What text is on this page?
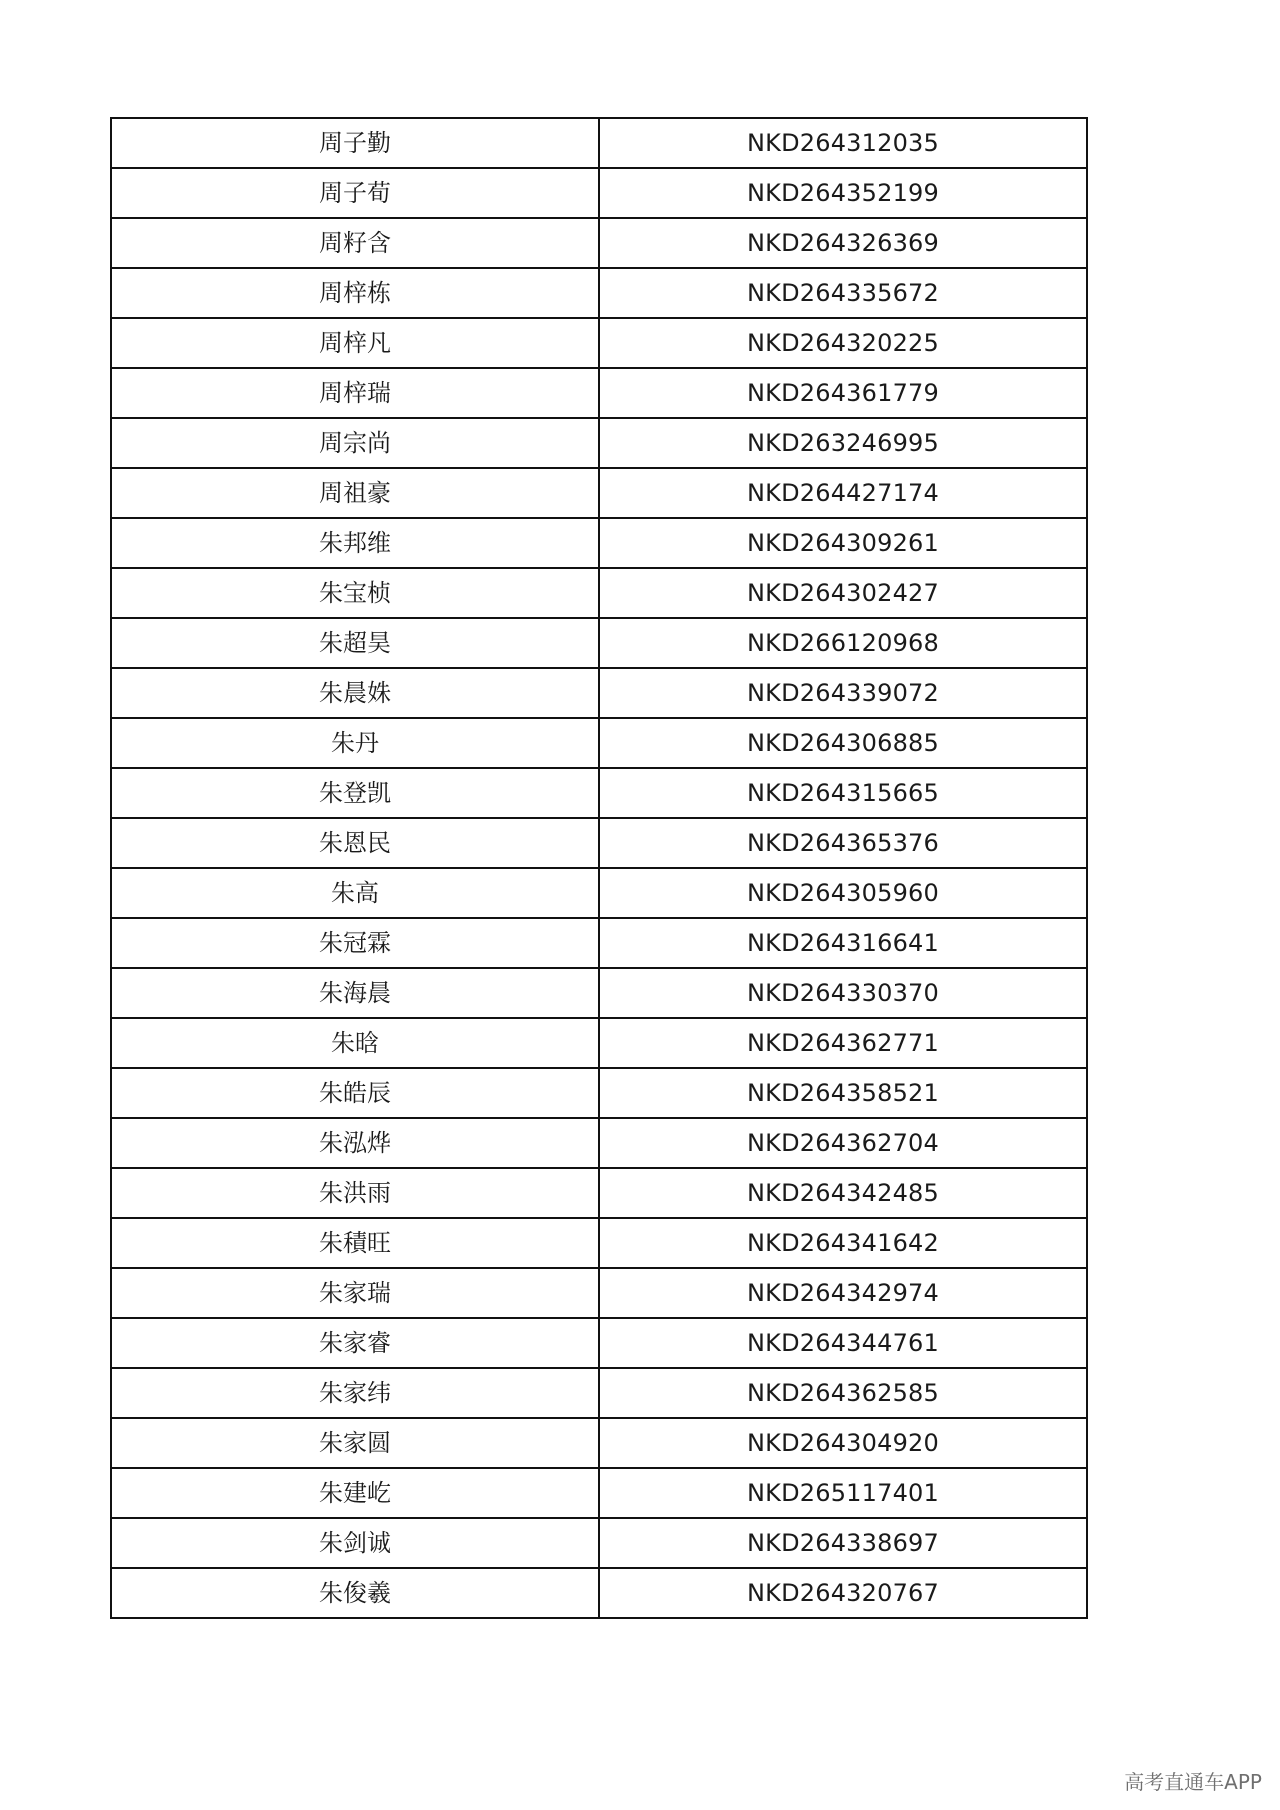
周子勤	NKD264312035
周子荀	NKD264352199
周籽含	NKD264326369
周梓栋	NKD264335672
周梓凡	NKD264320225
周梓瑞	NKD264361779
周宗尚	NKD263246995
周祖豪	NKD264427174
朱邦维	NKD264309261
朱宝桢	NKD264302427
朱超昊	NKD266120968
朱晨姝	NKD264339072
朱丹	NKD264306885
朱登凯	NKD264315665
朱恩民	NKD264365376
朱高	NKD264305960
朱冠霖	NKD264316641
朱海晨	NKD264330370
朱晗	NKD264362771
朱皓辰	NKD264358521
朱泓烨	NKD264362704
朱洪雨	NKD264342485
朱積旺	NKD264341642
朱家瑞	NKD264342974
朱家睿	NKD264344761
朱家纬	NKD264362585
朱家圆	NKD264304920
朱建屹	NKD265117401
朱剑诚	NKD264338697
朱俊羲	NKD264320767
高考直通车APP
